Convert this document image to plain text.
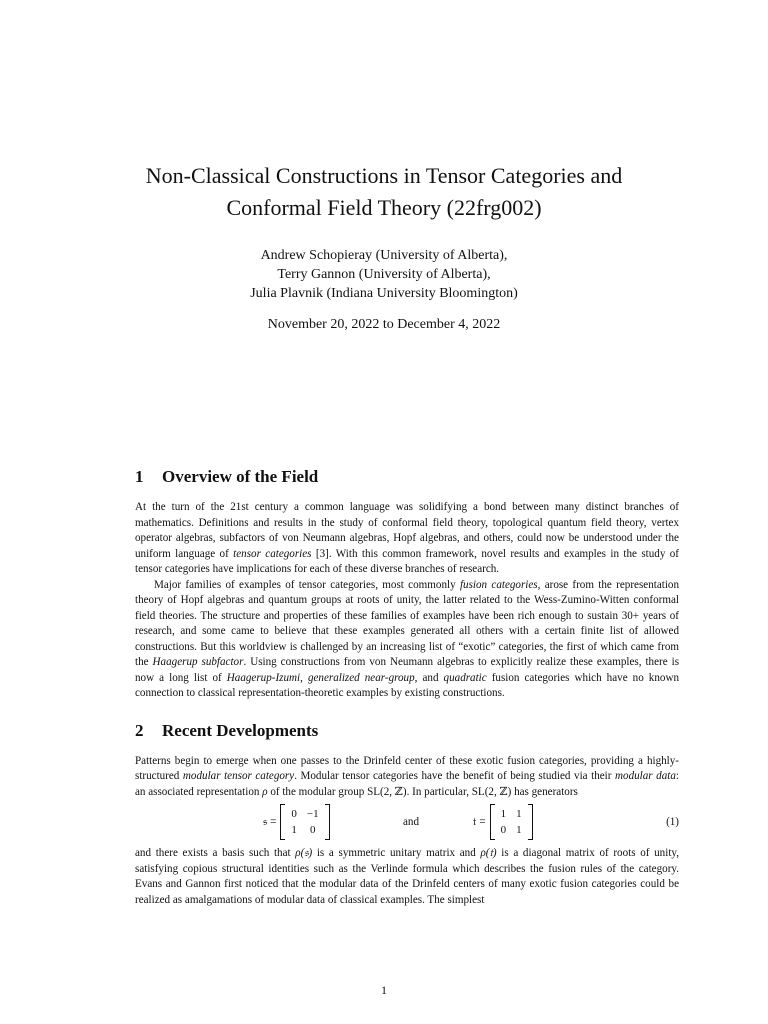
Non-Classical Constructions in Tensor Categories and
Conformal Field Theory (22frg002)
Andrew Schopieray (University of Alberta),
Terry Gannon (University of Alberta),
Julia Plavnik (Indiana University Bloomington)
November 20, 2022 to December 4, 2022
1 Overview of the Field

At the turn of the 21st century a common language was solidifying a bond between many distinct branches of mathematics. Definitions and results in the study of conformal field theory, topological quantum field theory, vertex operator algebras, subfactors of von Neumann algebras, Hopf algebras, and others, could now be understood under the uniform language of tensor categories [3]. With this common framework, novel results and examples in the study of tensor categories have implications for each of these diverse branches of research.

Major families of examples of tensor categories, most commonly fusion categories, arose from the representation theory of Hopf algebras and quantum groups at roots of unity, the latter related to the Wess-Zumino-Witten conformal field theories. The structure and properties of these families of examples have been rich enough to sustain 30+ years of research, and some came to believe that these examples generated all others with a certain finite list of allowed constructions. But this worldview is challenged by an increasing list of “exotic” categories, the first of which came from the Haagerup subfactor. Using constructions from von Neumann algebras to explicitly realize these examples, there is now a long list of Haagerup-Izumi, generalized near-group, and quadratic fusion categories which have no known connection to classical representation-theoretic examples by existing constructions.

2 Recent Developments

Patterns begin to emerge when one passes to the Drinfeld center of these exotic fusion categories, providing a highly-structured modular tensor category. Modular tensor categories have the benefit of being studied via their modular data: an associated representation ρ of the modular group SL(2, ℤ). In particular, SL(2, ℤ) has generators

𝔰 =
0 −1
1 0
and	𝔱 =
1 1
0 1
(1)

and there exists a basis such that ρ(𝔰) is a symmetric unitary matrix and ρ(𝔱) is a diagonal matrix of roots of unity, satisfying copious structural identities such as the Verlinde formula which describes the fusion rules of the category. Evans and Gannon first noticed that the modular data of the Drinfeld centers of many exotic fusion categories could be realized as amalgamations of modular data of classical examples. The simplest

1
